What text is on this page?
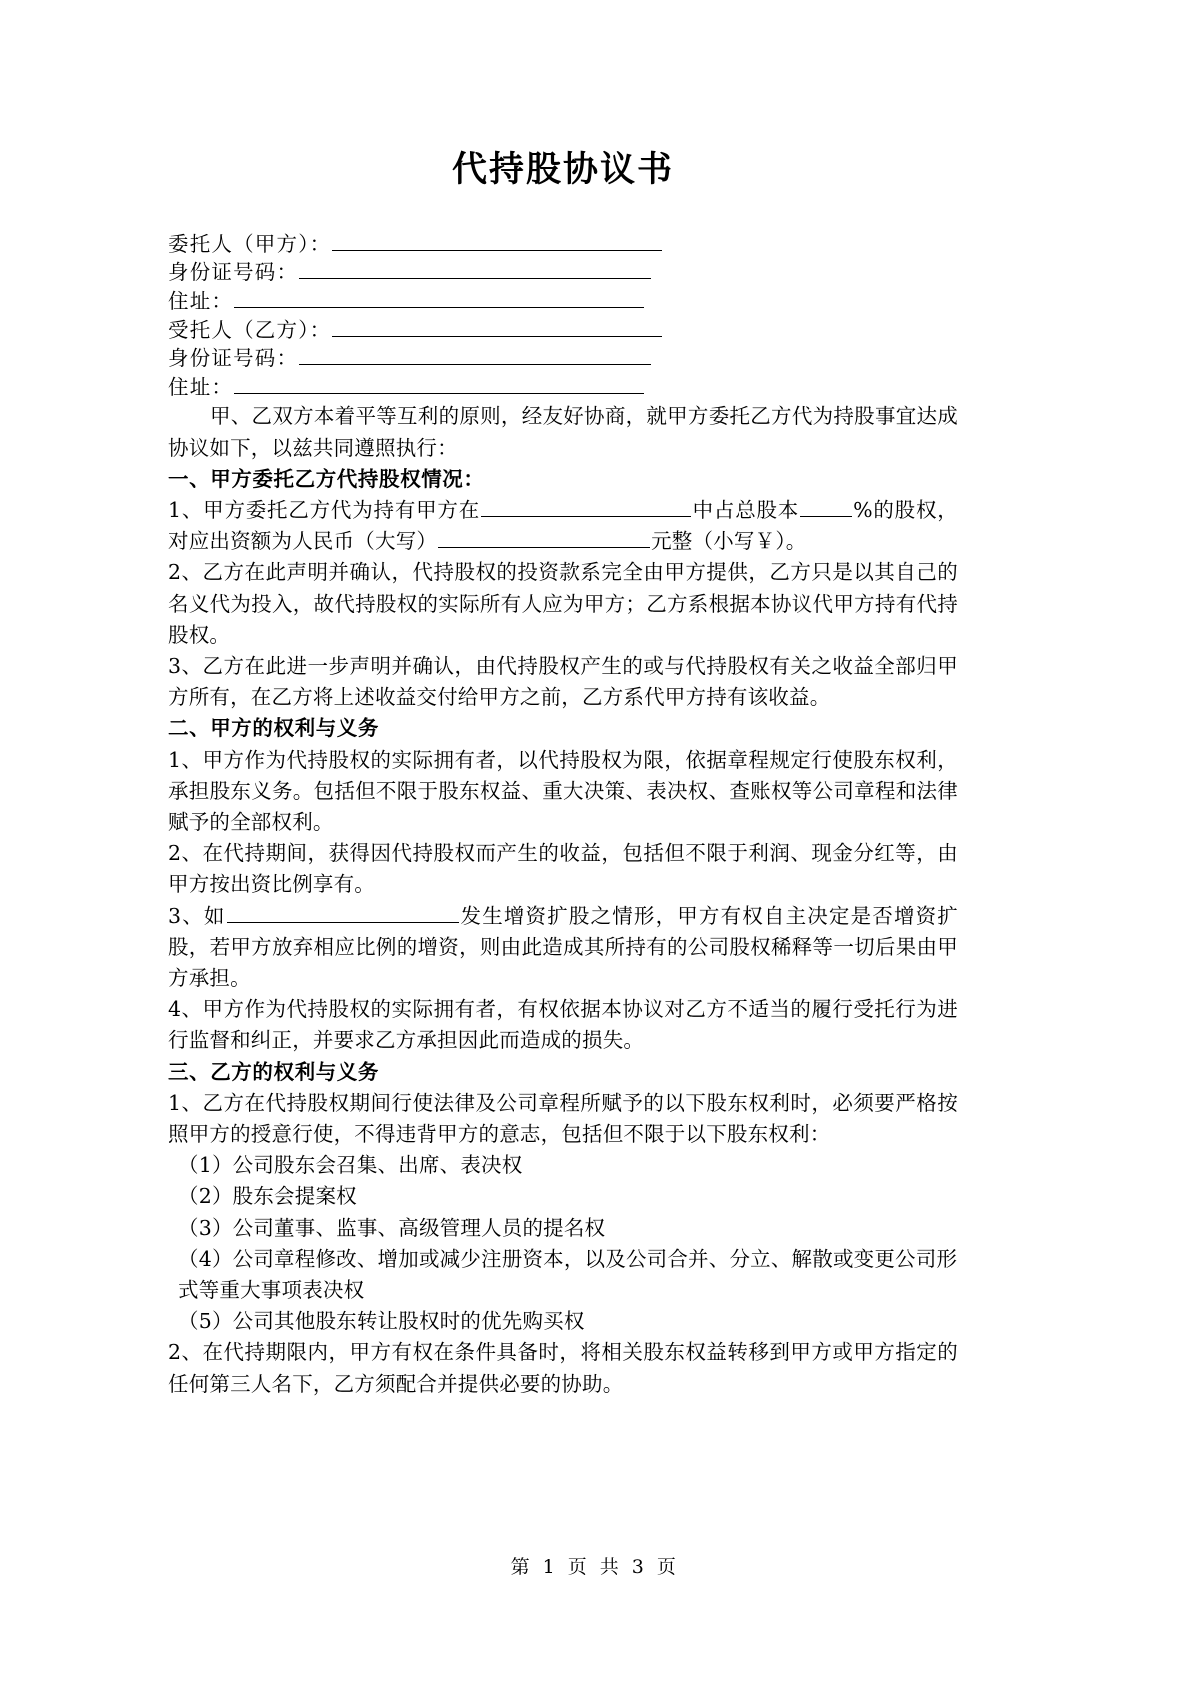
代持股协议书
委托人（甲方）：
身份证号码：
住址：
受托人（乙方）：
身份证号码：
住址：

甲、乙双方本着平等互利的原则，经友好协商，就甲方委托乙方代为持股事宜达成协议如下，以兹共同遵照执行：

一、甲方委托乙方代持股权情况：

1、甲方委托乙方代为持有甲方在	中占总股本	%的股权，对应出资额为人民币（大写）	元整（小写￥）。

2、乙方在此声明并确认，代持股权的投资款系完全由甲方提供，乙方只是以其自己的名义代为投入，故代持股权的实际所有人应为甲方；乙方系根据本协议代甲方持有代持股权。

3、乙方在此进一步声明并确认，由代持股权产生的或与代持股权有关之收益全部归甲方所有，在乙方将上述收益交付给甲方之前，乙方系代甲方持有该收益。

二、甲方的权利与义务

1、甲方作为代持股权的实际拥有者，以代持股权为限，依据章程规定行使股东权利，承担股东义务。包括但不限于股东权益、重大决策、表决权、查账权等公司章程和法律赋予的全部权利。

2、在代持期间，获得因代持股权而产生的收益，包括但不限于利润、现金分红等，由甲方按出资比例享有。

3、如	发生增资扩股之情形，甲方有权自主决定是否增资扩股，若甲方放弃相应比例的增资，则由此造成其所持有的公司股权稀释等一切后果由甲方承担。

4、甲方作为代持股权的实际拥有者，有权依据本协议对乙方不适当的履行受托行为进行监督和纠正，并要求乙方承担因此而造成的损失。

三、乙方的权利与义务

1、乙方在代持股权期间行使法律及公司章程所赋予的以下股东权利时，必须要严格按照甲方的授意行使，不得违背甲方的意志，包括但不限于以下股东权利：

（1）公司股东会召集、出席、表决权

（2）股东会提案权

（3）公司董事、监事、高级管理人员的提名权

（4）公司章程修改、增加或减少注册资本，以及公司合并、分立、解散或变更公司形式等重大事项表决权

（5）公司其他股东转让股权时的优先购买权

2、在代持期限内，甲方有权在条件具备时，将相关股东权益转移到甲方或甲方指定的任何第三人名下，乙方须配合并提供必要的协助。

第 1 页 共 3 页
